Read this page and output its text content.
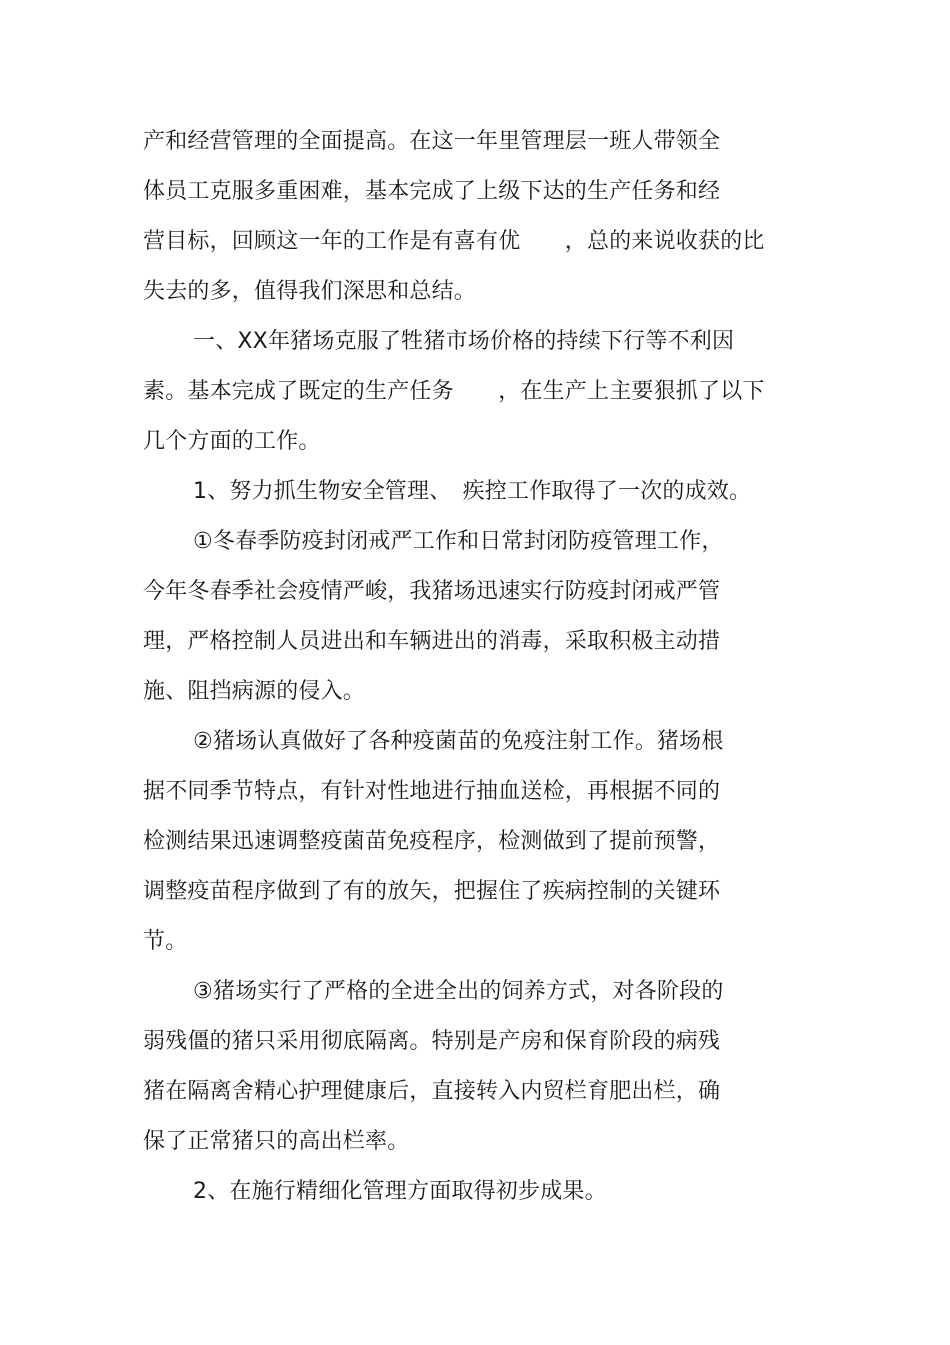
产和经营管理的全面提高。在这一年里管理层一班人带领全
体员工克服多重困难，基本完成了上级下达的生产任务和经
营目标，回顾这一年的工作是有喜有优　　，总的来说收获的比
失去的多，值得我们深思和总结。
一、XX年猪场克服了牲猪市场价格的持续下行等不利因
素。基本完成了既定的生产任务　　，在生产上主要狠抓了以下
几个方面的工作。
1、努力抓生物安全管理、　疾控工作取得了一次的成效。
①冬春季防疫封闭戒严工作和日常封闭防疫管理工作，
今年冬春季社会疫情严峻，我猪场迅速实行防疫封闭戒严管
理，严格控制人员进出和车辆进出的消毒，采取积极主动措
施、阻挡病源的侵入。
②猪场认真做好了各种疫菌苗的免疫注射工作。猪场根
据不同季节特点，有针对性地进行抽血送检，再根据不同的
检测结果迅速调整疫菌苗免疫程序，检测做到了提前预警，
调整疫苗程序做到了有的放矢，把握住了疾病控制的关键环
节。
③猪场实行了严格的全进全出的饲养方式，对各阶段的
弱残僵的猪只采用彻底隔离。特别是产房和保育阶段的病残
猪在隔离舍精心护理健康后，直接转入内贸栏育肥出栏，确
保了正常猪只的高出栏率。
2、在施行精细化管理方面取得初步成果。
